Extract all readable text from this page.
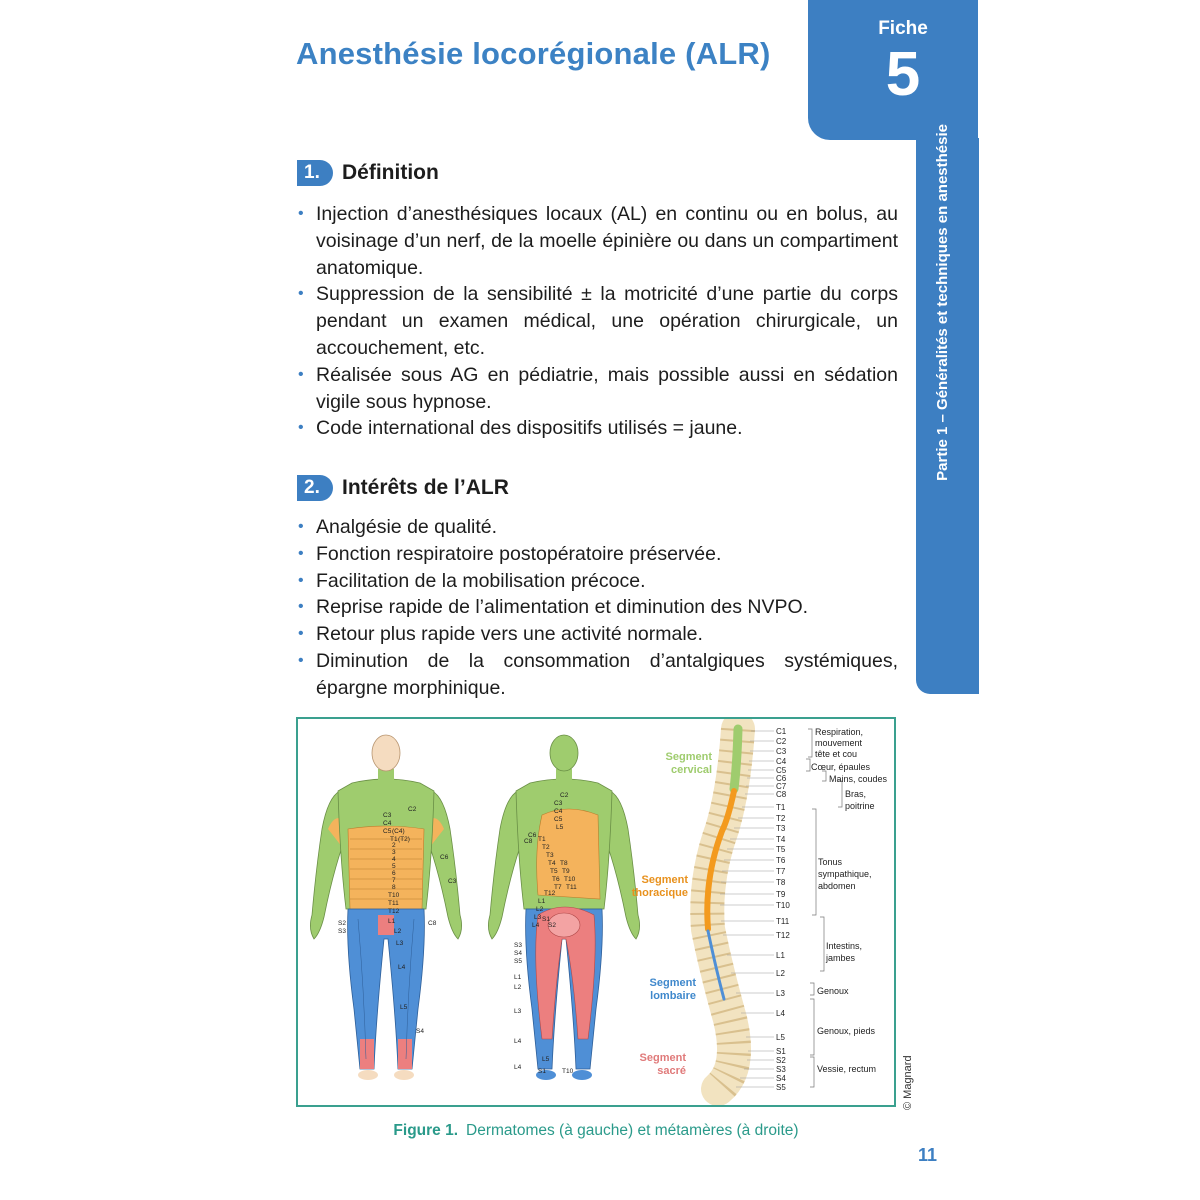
Anesthésie locorégionale (ALR)
Fiche
5
Partie 1 – Généralités et techniques en anesthésie
1.	Définition
• Injection d’anesthésiques locaux (AL) en continu ou en bolus, au voisinage d’un nerf, de la moelle épinière ou dans un compartiment anatomique.
• Suppression de la sensibilité ± la motricité d’une partie du corps pendant un examen médical, une opération chirurgicale, un accouchement, etc.
• Réalisée sous AG en pédiatrie, mais possible aussi en sédation vigile sous hypnose.
• Code international des dispositifs utilisés = jaune.
2.	Intérêts de l’ALR
• Analgésie de qualité.
• Fonction respiratoire postopératoire préservée.
• Facilitation de la mobilisation précoce.
• Reprise rapide de l’alimentation et diminution des NVPO.
• Retour plus rapide vers une activité normale.
• Diminution de la consommation d’antalgiques systémiques, épargne morphinique.
C2
C3
C4
C5 (C4)
T1 (T2)
C6
C3
C8
S2
S3	L2
L3
L4
L5
S4
T10
T11
T12
L1
2
3
4
5
6
7
8
C2
C3
C4
C5
C6
C8 T1
T2
T3
T4
T5
T6
T7
T8
T9
T10
T11
T12
L1
L2
L3
L4
S1
S2
S3
S4
S5
L1
L2
L3
L4
L4
L5
S1 T10
L5
Segment cervical
Segment thoracique
Segment lombaire
Segment sacré
C1
C2
C3
C4
C5
C6
C7
C8
T1
T2
T3
T4
T5
T6
T7
T8
T9
T10
T11
T12
L1
L2
L3
L4
L5
S1
S2
S3
S4
S5
Respiration, mouvement tête et cou
Cœur, épaules
Mains, coudes
Bras, poitrine
Tonus sympathique, abdomen
Intestins, jambes
Genoux
Genoux, pieds
Vessie, rectum
Figure 1. Dermatomes (à gauche) et métamères (à droite)
© Magnard
11
